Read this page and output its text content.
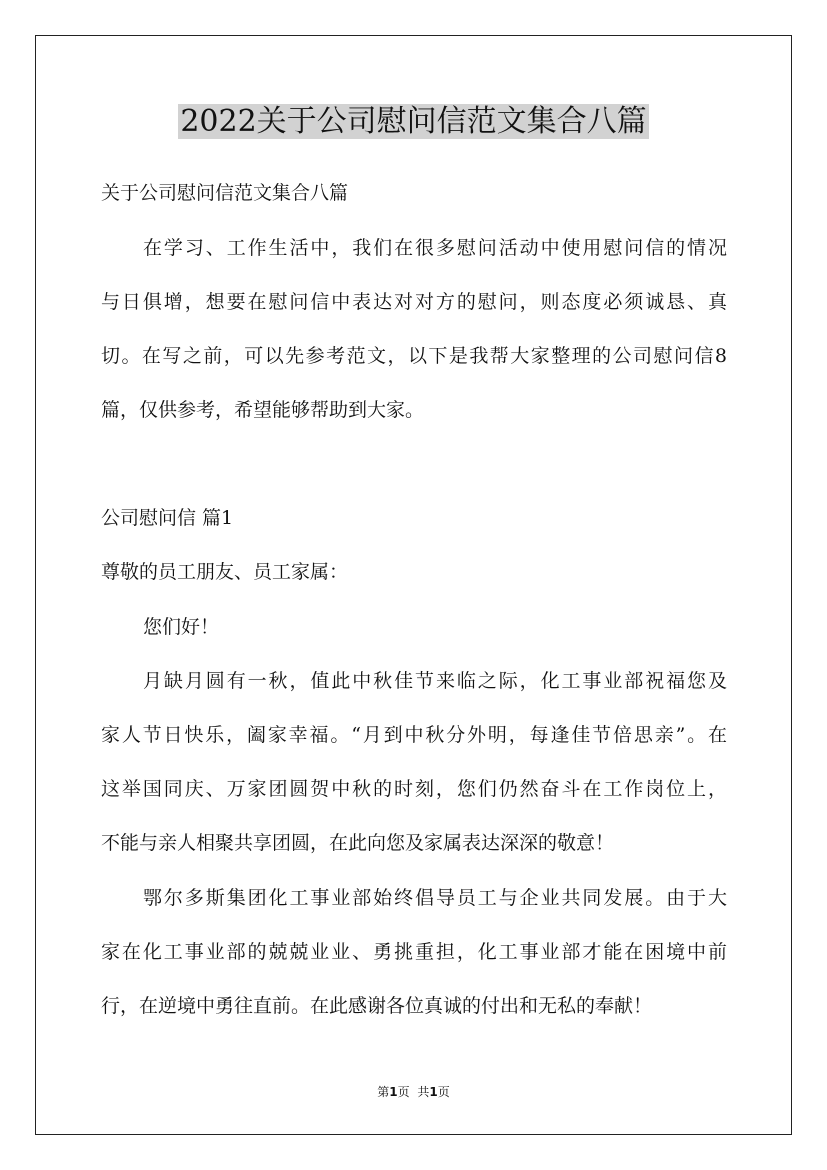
2022关于公司慰问信范文集合八篇

关于公司慰问信范文集合八篇

在学习、工作生活中，我们在很多慰问活动中使用慰问信的情况

与日俱增，想要在慰问信中表达对对方的慰问，则态度必须诚恳、真

切。在写之前，可以先参考范文，以下是我帮大家整理的公司慰问信8

篇，仅供参考，希望能够帮助到大家。

公司慰问信 篇1

尊敬的员工朋友、员工家属：

您们好！

月缺月圆有一秋，值此中秋佳节来临之际，化工事业部祝福您及

家人节日快乐，阖家幸福。“月到中秋分外明，每逢佳节倍思亲”。在

这举国同庆、万家团圆贺中秋的时刻，您们仍然奋斗在工作岗位上，

不能与亲人相聚共享团圆，在此向您及家属表达深深的敬意！

鄂尔多斯集团化工事业部始终倡导员工与企业共同发展。由于大

家在化工事业部的兢兢业业、勇挑重担，化工事业部才能在困境中前

行，在逆境中勇往直前。在此感谢各位真诚的付出和无私的奉献！

第1页 共1页
